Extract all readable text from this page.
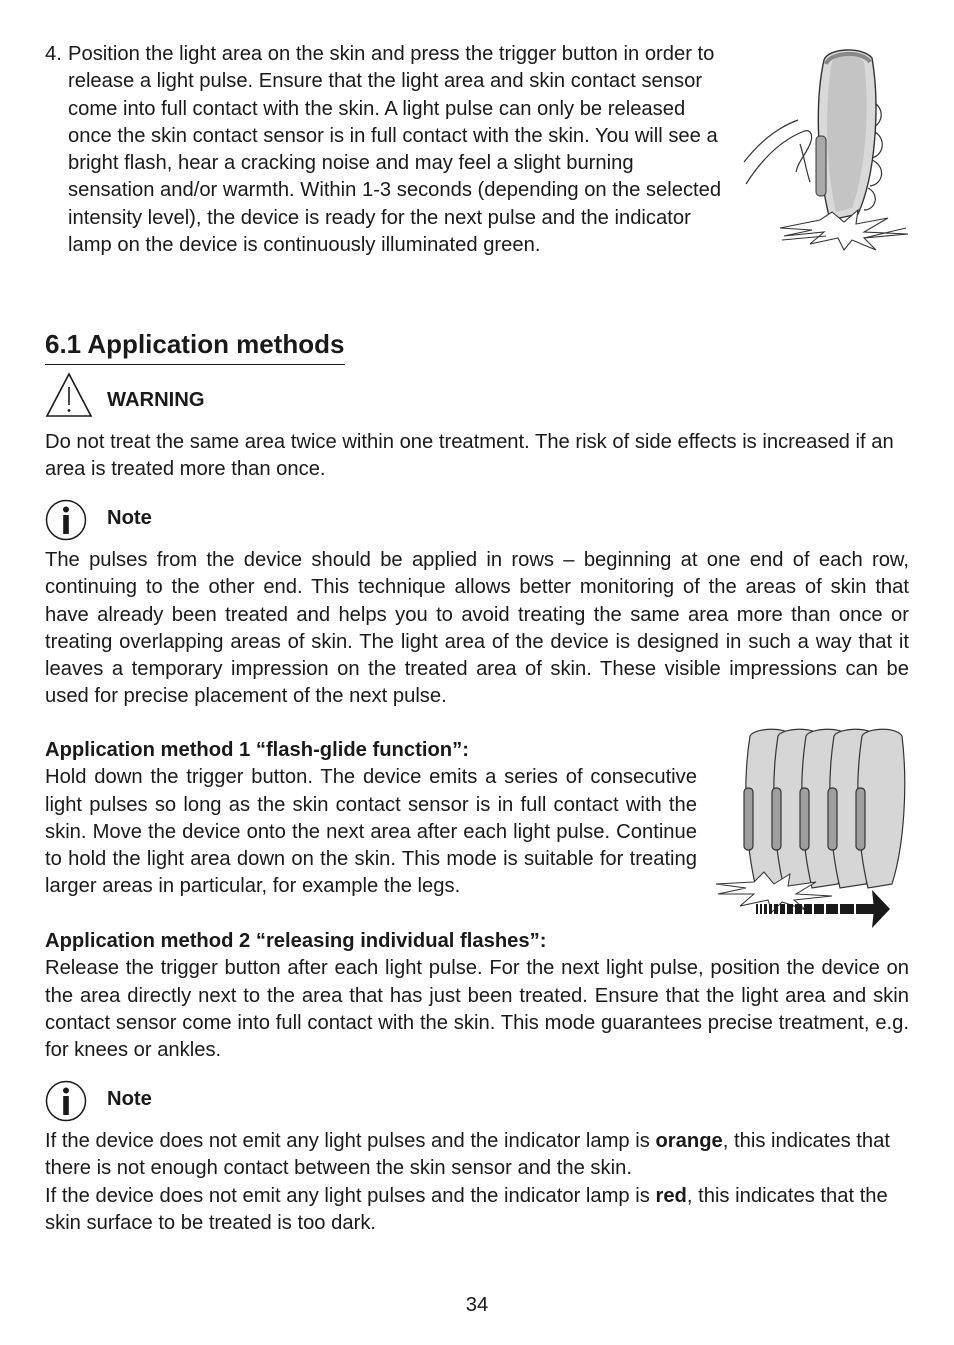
4. Position the light area on the skin and press the trigger button in order to release a light pulse. Ensure that the light area and skin contact sensor come into full contact with the skin. A light pulse can only be released once the skin contact sensor is in full contact with the skin. You will see a bright flash, hear a cracking noise and may feel a slight burning sensation and/or warmth. Within 1-3 seconds (depending on the selected intensity level), the device is ready for the next pulse and the indicator lamp on the device is continuously illuminated green.
6.1 Application methods
WARNING
Do not treat the same area twice within one treatment. The risk of side effects is increased if an area is treated more than once.
Note
The pulses from the device should be applied in rows – beginning at one end of each row, continuing to the other end. This technique allows better monitoring of the areas of skin that have already been treated and helps you to avoid treating the same area more than once or treating overlapping areas of skin. The light area of the device is designed in such a way that it leaves a temporary impression on the treated area of skin. These visible impressions can be used for precise placement of the next pulse.
Application method 1 “flash-glide function”:
Hold down the trigger button. The device emits a series of consecutive light pulses so long as the skin contact sensor is in full contact with the skin. Move the device onto the next area after each light pulse. Continue to hold the light area down on the skin. This mode is suitable for treating larger areas in particular, for example the legs.
Application method 2 “releasing individual flashes”:
Release the trigger button after each light pulse. For the next light pulse, position the device on the area directly next to the area that has just been treated. Ensure that the light area and skin contact sensor come into full contact with the skin. This mode guarantees precise treatment, e.g. for knees or ankles.
Note
If the device does not emit any light pulses and the indicator lamp is orange, this indicates that there is not enough contact between the skin sensor and the skin.
If the device does not emit any light pulses and the indicator lamp is red, this indicates that the skin surface to be treated is too dark.
34
